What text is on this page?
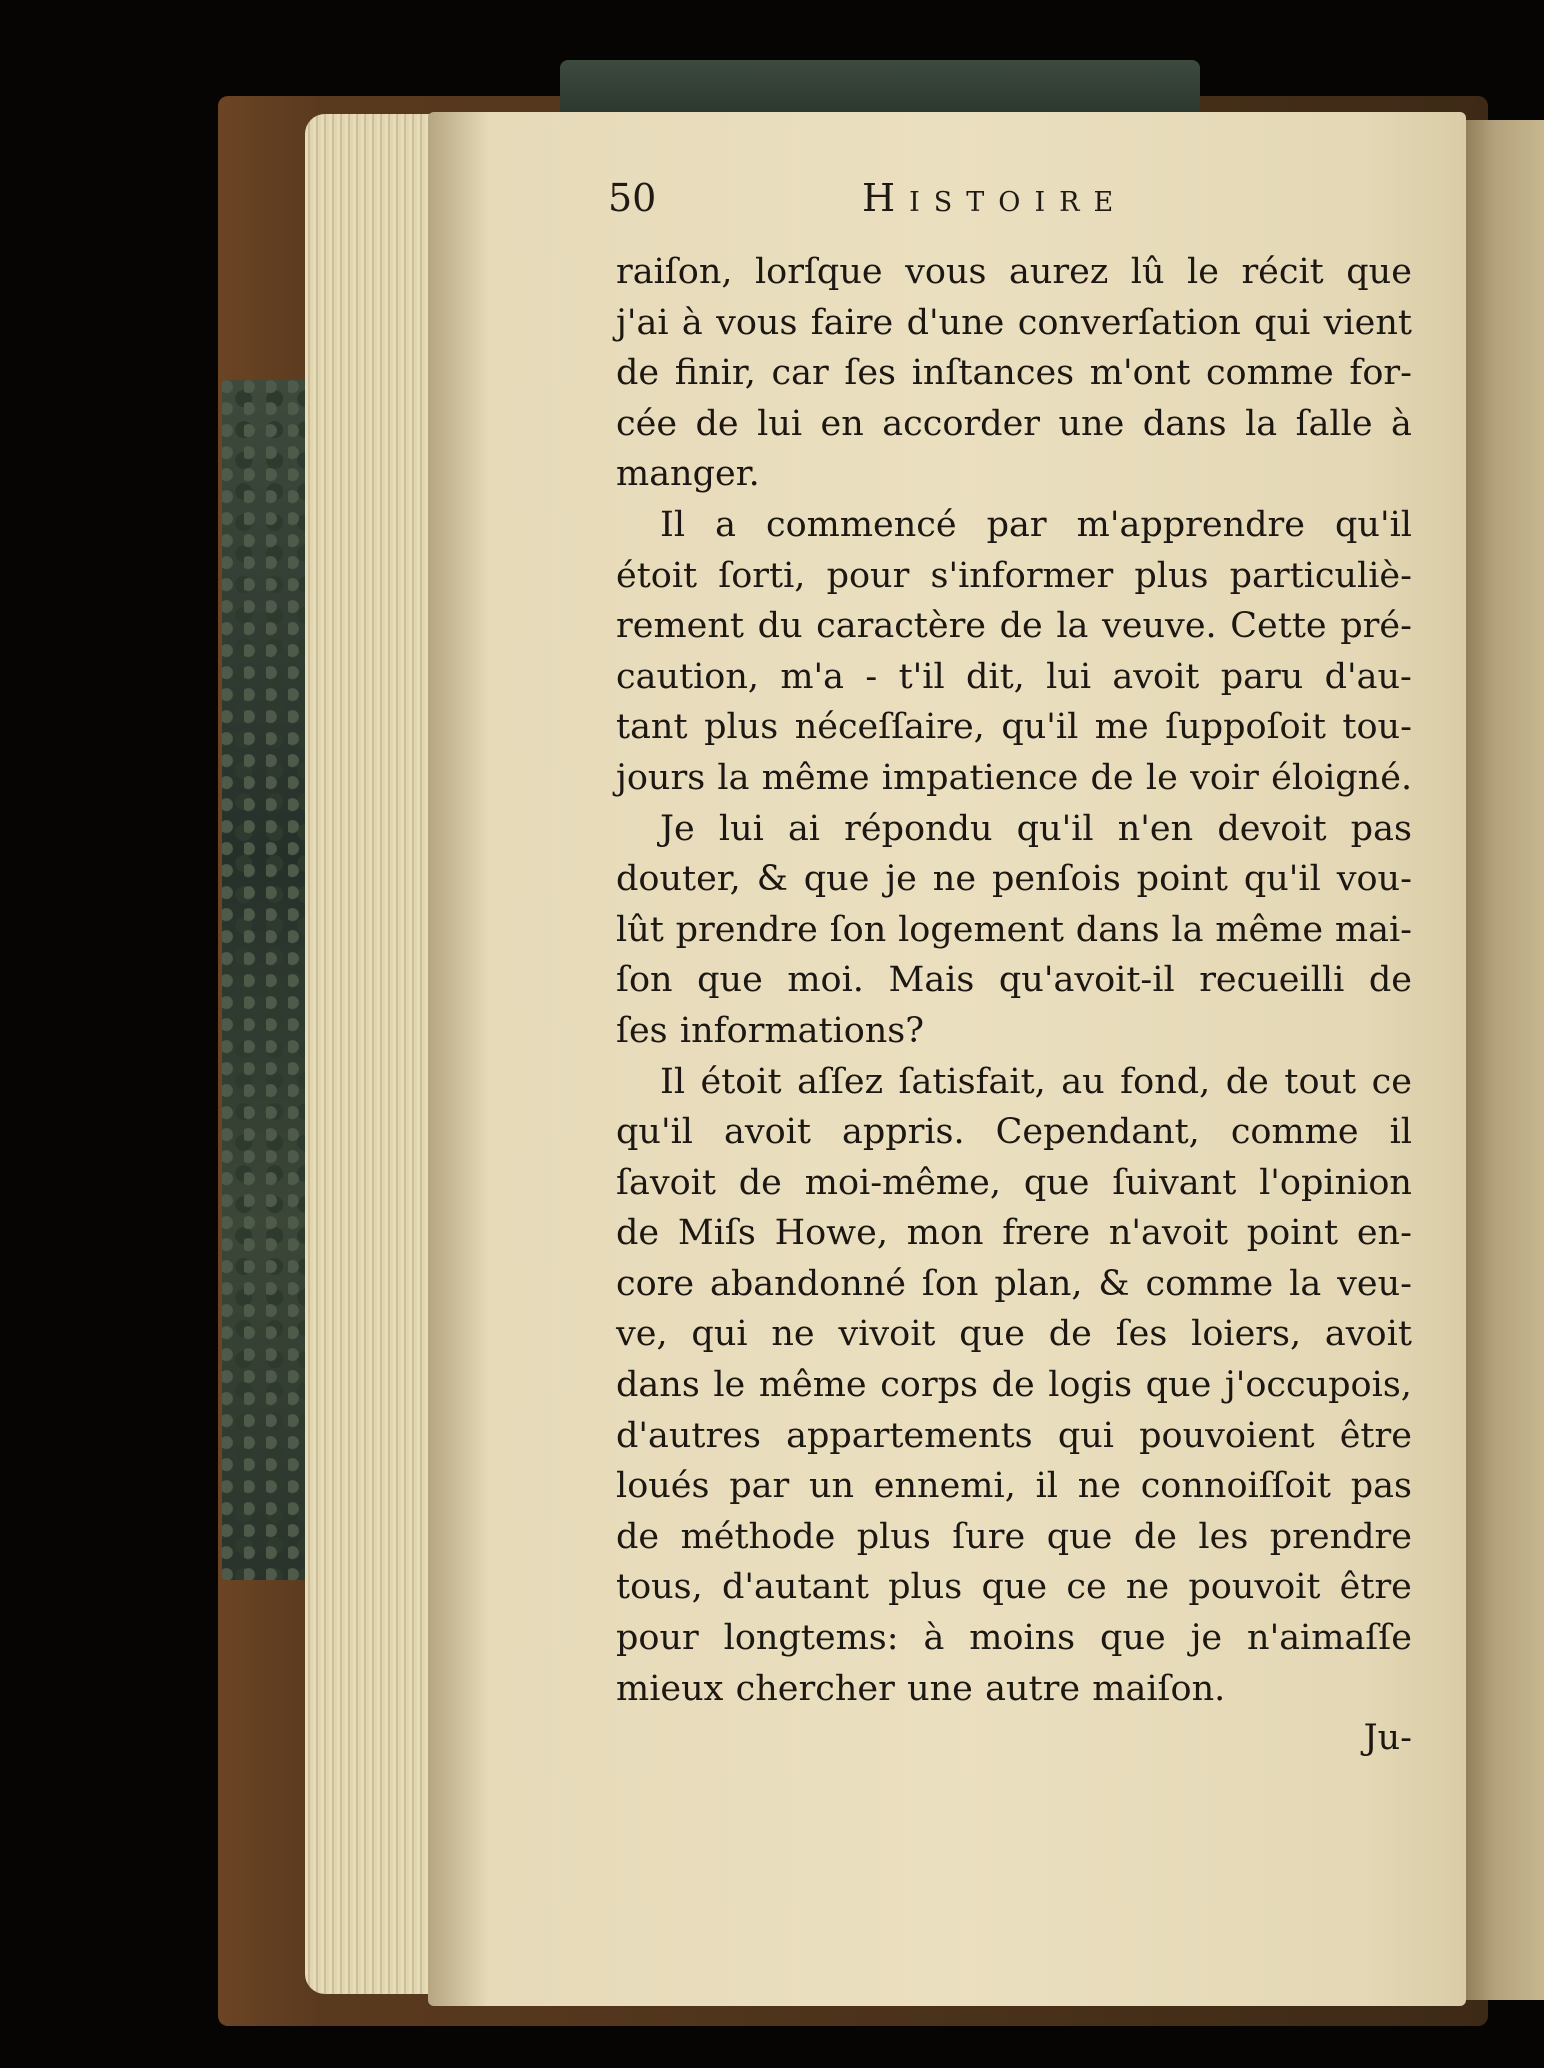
50	Histoire
raiſon, lorſque vous aurez lû le récit que
j'ai à vous faire d'une converſation qui vient
de finir, car ſes inſtances m'ont comme for-
cée de lui en accorder une dans la ſalle à
manger.
Il a commencé par m'apprendre qu'il
étoit ſorti, pour s'informer plus particuliè-
rement du caractère de la veuve. Cette pré-
caution, m'a - t'il dit, lui avoit paru d'au-
tant plus néceſſaire, qu'il me ſuppoſoit tou-
jours la même impatience de le voir éloigné.
Je lui ai répondu qu'il n'en devoit pas
douter, & que je ne penſois point qu'il vou-
lût prendre ſon logement dans la même mai-
ſon que moi. Mais qu'avoit-il recueilli de
ſes informations?
Il étoit aſſez ſatisfait, au fond, de tout ce
qu'il avoit appris. Cependant, comme il
ſavoit de moi-même, que ſuivant l'opinion
de Miſs Howe, mon frere n'avoit point en-
core abandonné ſon plan, & comme la veu-
ve, qui ne vivoit que de ſes loiers, avoit
dans le même corps de logis que j'occupois,
d'autres appartements qui pouvoient être
loués par un ennemi, il ne connoiſſoit pas
de méthode plus ſure que de les prendre
tous, d'autant plus que ce ne pouvoit être
pour longtems: à moins que je n'aimaſſe
mieux chercher une autre maiſon.
Ju-
